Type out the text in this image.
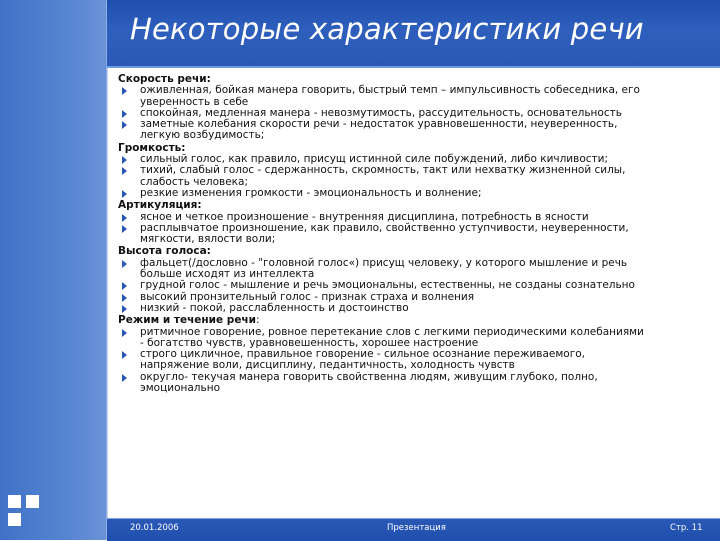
Некоторые характеристики речи
Скорость речи:
оживленная, бойкая манера говорить, быстрый темп – импульсивность собеседника, его
уверенность в себе
спокойная, медленная манера - невозмутимость, рассудительность, основательность
заметные колебания скорости речи - недостаток уравновешенности, неуверенность,
легкую возбудимость;
Громкость:
сильный голос, как правило, присущ истинной силе побуждений, либо кичливости;
тихий, слабый голос - сдержанность, скромность, такт или нехватку жизненной силы,
слабость человека;
резкие изменения громкости - эмоциональность и волнение;
Артикуляция:
ясное и четкое произношение - внутренняя дисциплина, потребность в ясности
расплывчатое произношение, как правило, свойственно уступчивости, неуверенности,
мягкости, вялости воли;
Высота голоса:
фальцет(/дословно - "головной голос«) присущ человеку, у которого мышление и речь
больше исходят из интеллекта
грудной голос - мышление и речь эмоциональны, естественны, не созданы сознательно
высокий пронзительный голос - признак страха и волнения
низкий - покой, расслабленность и достоинство
Режим и течение речи:
ритмичное говорение, ровное перетекание слов с легкими периодическими колебаниями
- богатство чувств, уравновешенность, хорошее настроение
строго цикличное, правильное говорение - сильное осознание переживаемого,
напряжение воли, дисциплину, педантичность, холодность чувств
округло- текучая манера говорить свойственна людям, живущим глубоко, полно,
эмоционально
20.01.2006	Презентация	Стр. 11
